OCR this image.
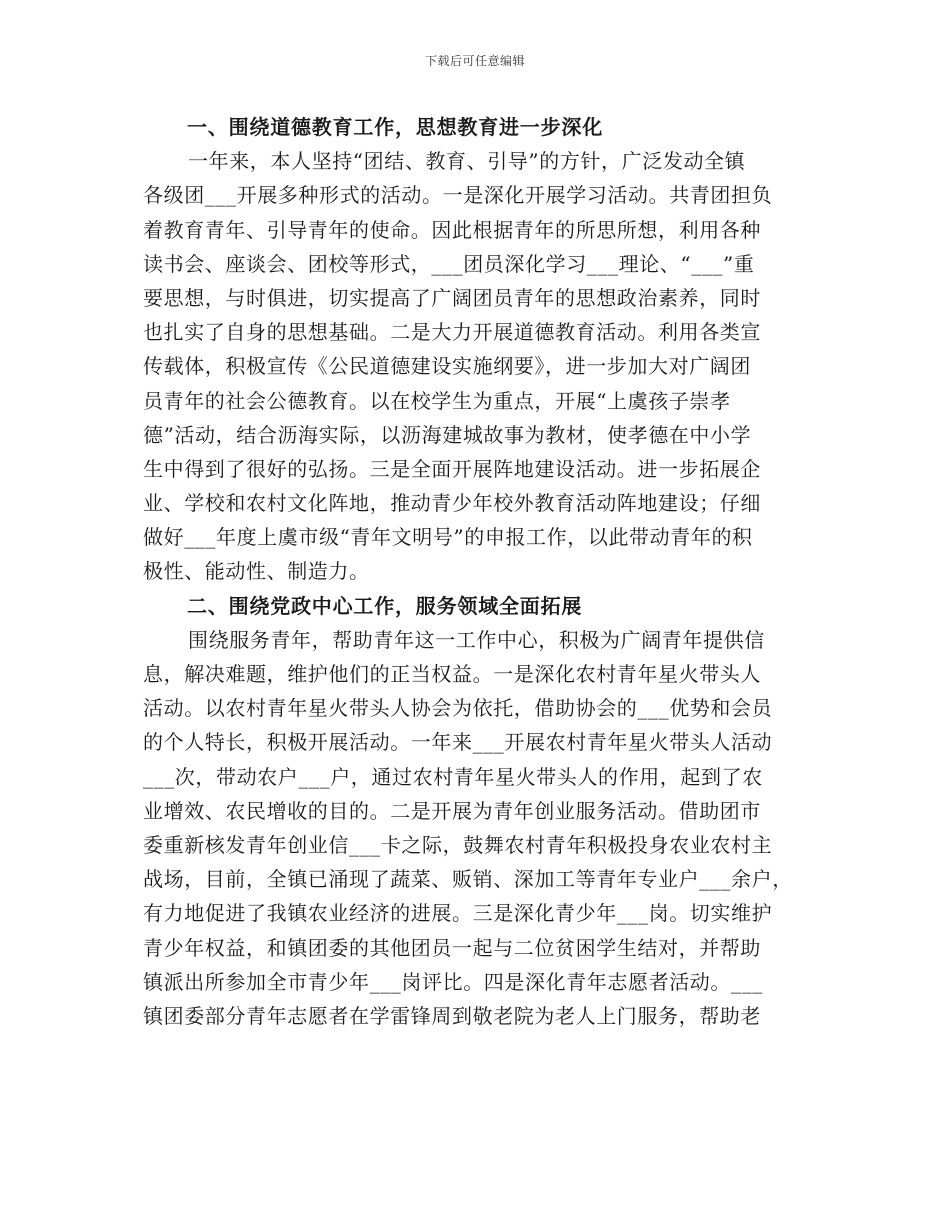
下载后可任意编辑
一、围绕道德教育工作，思想教育进一步深化
一年来，本人坚持“团结、教育、引导”的方针，广泛发动全镇
各级团___开展多种形式的活动。一是深化开展学习活动。共青团担负
着教育青年、引导青年的使命。因此根据青年的所思所想，利用各种
读书会、座谈会、团校等形式，___团员深化学习___理论、“___”重
要思想，与时俱进，切实提高了广阔团员青年的思想政治素养，同时
也扎实了自身的思想基础。二是大力开展道德教育活动。利用各类宣
传载体，积极宣传《公民道德建设实施纲要》，进一步加大对广阔团
员青年的社会公德教育。以在校学生为重点，开展“上虞孩子崇孝
德”活动，结合沥海实际，以沥海建城故事为教材，使孝德在中小学
生中得到了很好的弘扬。三是全面开展阵地建设活动。进一步拓展企
业、学校和农村文化阵地，推动青少年校外教育活动阵地建设；仔细
做好___年度上虞市级“青年文明号”的申报工作，以此带动青年的积
极性、能动性、制造力。
二、围绕党政中心工作，服务领域全面拓展
围绕服务青年，帮助青年这一工作中心，积极为广阔青年提供信
息，解决难题，维护他们的正当权益。一是深化农村青年星火带头人
活动。以农村青年星火带头人协会为依托，借助协会的___优势和会员
的个人特长，积极开展活动。一年来___开展农村青年星火带头人活动
___次，带动农户___户，通过农村青年星火带头人的作用，起到了农
业增效、农民增收的目的。二是开展为青年创业服务活动。借助团市
委重新核发青年创业信___卡之际，鼓舞农村青年积极投身农业农村主
战场，目前，全镇已涌现了蔬菜、贩销、深加工等青年专业户___余户，
有力地促进了我镇农业经济的进展。三是深化青少年___岗。切实维护
青少年权益，和镇团委的其他团员一起与二位贫困学生结对，并帮助
镇派出所参加全市青少年___岗评比。四是深化青年志愿者活动。___
镇团委部分青年志愿者在学雷锋周到敬老院为老人上门服务，帮助老
